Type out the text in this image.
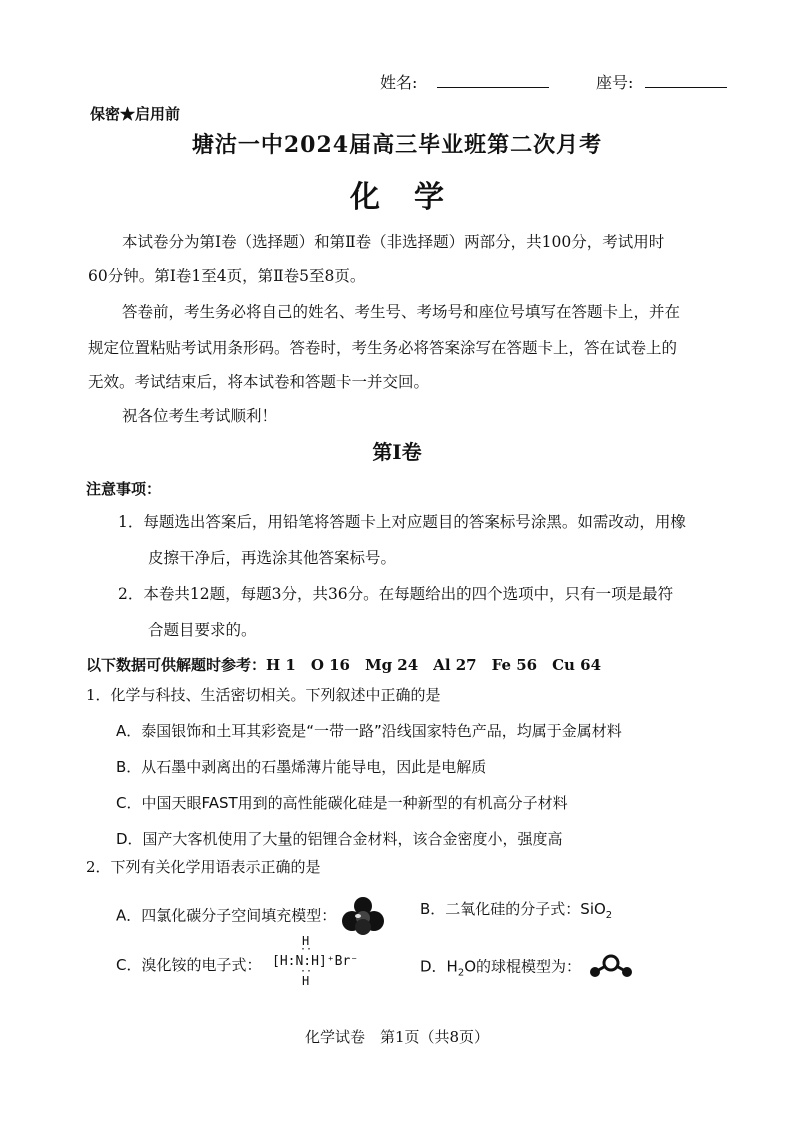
姓名:	座号:
保密★启用前
塘沽一中2024届高三毕业班第二次月考
化学
本试卷分为第Ⅰ卷（选择题）和第Ⅱ卷（非选择题）两部分，共100分，考试用时
60分钟。第Ⅰ卷1至4页，第Ⅱ卷5至8页。
答卷前，考生务必将自己的姓名、考生号、考场号和座位号填写在答题卡上，并在
规定位置粘贴考试用条形码。答卷时，考生务必将答案涂写在答题卡上，答在试卷上的
无效。考试结束后，将本试卷和答题卡一并交回。
祝各位考生考试顺利！
第Ⅰ卷
注意事项：
1．每题选出答案后，用铅笔将答题卡上对应题目的答案标号涂黑。如需改动，用橡
皮擦干净后，再选涂其他答案标号。
2．本卷共12题，每题3分，共36分。在每题给出的四个选项中，只有一项是最符
合题目要求的。
以下数据可供解题时参考：H 1　O 16　Mg 24　Al 27　Fe 56　Cu 64
1．化学与科技、生活密切相关。下列叙述中正确的是
A．泰国银饰和土耳其彩瓷是“一带一路”沿线国家特色产品，均属于金属材料
B．从石墨中剥离出的石墨烯薄片能导电，因此是电解质
C．中国天眼FAST用到的高性能碳化硅是一种新型的有机高分子材料
D．国产大客机使用了大量的铝锂合金材料，该合金密度小，强度高
2．下列有关化学用语表示正确的是
A．四氯化碳分子空间填充模型：	B．二氧化硅的分子式：SiO$_2$
C．溴化铵的电子式：
H
··
[H:N:H]⁺Br⁻
··
H
D．$H_2O$的球棍模型为：
化学试卷　第1页（共8页）
